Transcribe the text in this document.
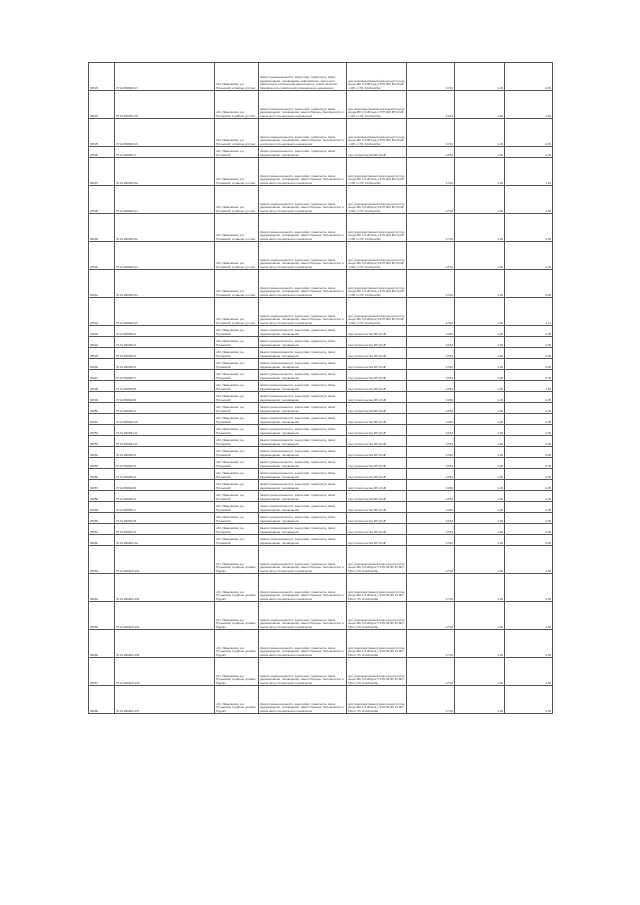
06033	37:10:060603:17	обл. Ивановская, р-н Пучежский, в районе д.Стоки	Земли промышленности, энергетики, транспорта, связи, радиовещания, телевидения, информатики, земли для обеспечения космической деятельности, земли обороны, безопасности и земли иного специального назначения	для производственной деятельности (под опоры ВЛ 0,4 кВ фид.4 КТП-303 ВЛ 10 кВ ч 130 от ПС Хлебороба)	0,704	1,00	0,65
06034	37:10:060603:18	обл. Ивановская, р-н Пучежский, в районе д.Стоки	Земли промышленности, энергетики, транспорта, связи, радиовещания, телевидения, земли обороны, безопасности и земли иного специального назначения	для производственной деятельности (под опоры ВЛ 0,4 кВ фид.1 КТП-303 ВЛ 10 кВ ч 130 от ПС Хлебороба)	2,064	1,00	1,90
06035	37:10:060603:19	обл. Ивановская, р-н Пучежский, в районе д.Стоки	Земли промышленности, энергетики, транспорта, связи, радиовещания, телевидения, земли обороны, безопасности и земли иного специального назначения	для производственной деятельности (под опоры ВЛ 0,4 кВ фид.4 КТП-303 ВЛ 10 кВ ч 130 от ПС Хлебороба)	0,704	1,00	0,65
06036	37:10:060603:7	обл. Ивановская, р-н Пучежский	Земли промышленности, энергетики, транспорта, связи, радиовещания, телевидения	под строительство ВЛ 10 кВ	0,054	1,00	0,05
06037	37:10:060603:20	обл. Ивановская, р-н Пучежский, в районе д.Стоки	Земли промышленности, энергетики, транспорта, связи, радиовещания, телевидения, земли обороны, безопасности и земли иного специального назначения	для производственной деятельности (под опоры ВЛ 0,4 кВ фид.1 КТП-303 ВЛ 10 кВ ч 130 от ПС Хлебороба)	2,104	1,00	1,93
06038	37:10:060603:21	обл. Ивановская, р-н Пучежский, в районе д.Стоки	Земли промышленности, энергетики, транспорта, связи, радиовещания, телевидения, земли обороны, безопасности и земли иного специального назначения	для производственной деятельности (под опоры ВЛ 0,4 кВ фид.4 КТП-303 ВЛ 10 кВ ч 130 от ПС Хлебороба)	0,704	1,00	0,65
06039	37:10:060603:22	обл. Ивановская, р-н Пучежский, в районе д.Стоки	Земли промышленности, энергетики, транспорта, связи, радиовещания, телевидения, земли обороны, безопасности и земли иного специального назначения	для производственной деятельности (под опоры ВЛ 0,4 кВ фид.1 КТП-303 ВЛ 10 кВ ч 130 от ПС Хлебороба)	0,704	1,00	0,65
06040	37:10:060603:23	обл. Ивановская, р-н Пучежский, в районе д.Стоки	Земли промышленности, энергетики, транспорта, связи, радиовещания, телевидения, земли обороны, безопасности и земли иного специального назначения	для производственной деятельности (под опоры ВЛ 0,4 кВ фид.4 КТП-303 ВЛ 10 кВ ч 130 от ПС Хлебороба)	0,104	1,00	0,05
06041	37:10:060603:24	обл. Ивановская, р-н Пучежский, в районе д.Стоки	Земли промышленности, энергетики, транспорта, связи, радиовещания, телевидения, земли обороны, безопасности и земли иного специального назначения	для производственной деятельности (под опоры ВЛ 0,4 кВ фид.1 КТП-303 ВЛ 10 кВ ч 130 от ПС Хлебороба)	0,104	1,00	0,05
06042	37:10:060603:25	обл. Ивановская, р-н Пучежский, в районе д.Стоки	Земли промышленности, энергетики, транспорта, связи, радиовещания, телевидения, земли обороны, безопасности и земли иного специального назначения	для производственной деятельности (под опоры ВЛ 0,4 кВ фид.4 КТП-303 ВЛ 10 кВ ч 130 от ПС Хлебороба)	2,304	1,00	2,11
06043	37:10:060603:3	обл. Ивановская, р-н Пучежский	Земли промышленности, энергетики, транспорта, связи, радиовещания, телевидения	под строительство ВЛ 10 кВ	0,054	1,00	0,05
06044	37:10:060603:4	обл. Ивановская, р-н Пучежский	Земли промышленности, энергетики, транспорта, связи, радиовещания, телевидения	под строительство ВЛ 10 кВ	0,054	1,00	0,05
06045	37:10:060603:5	обл. Ивановская, р-н Пучежский	Земли промышленности, энергетики, транспорта, связи, радиовещания, телевидения	под строительство ВЛ 10 кВ	0,054	1,00	0,05
06046	37:10:060603:6	обл. Ивановская, р-н Пучежский	Земли промышленности, энергетики, транспорта, связи, радиовещания, телевидения	под строительство ВЛ 10 кВ	0,054	1,00	0,05
06047	37:10:060603:7	обл. Ивановская, р-н Пучежский	Земли промышленности, энергетики, транспорта, связи, радиовещания, телевидения	под строительство ВЛ 10 кВ	0,054	1,00	0,05
06048	37:10:060603:8	обл. Ивановская, р-н Пучежский	Земли промышленности, энергетики, транспорта, связи, радиовещания, телевидения	под строительство ВЛ 10 кВ	0,054	1,00	1,25
06049	37:10:060604:5	обл. Ивановская, р-н Пучежский	Земли промышленности, энергетики, транспорта, связи, радиовещания, телевидения	под строительство ВЛ 10 кВ	0,054	1,00	0,05
06050	37:10:060604:1	обл. Ивановская, р-н Пучежский	Земли промышленности, энергетики, транспорта, связи, радиовещания, телевидения	под строительство ВЛ 10 кВ	0,054	1,00	0,05
06051	37:10:060604:10	обл. Ивановская, р-н Пучежский	Земли промышленности, энергетики, транспорта, связи, радиовещания, телевидения	под строительство ВЛ 10 кВ	0,054	1,00	0,05
06052	37:10:060604:11	обл. Ивановская, р-н Пучежский	Земли промышленности, энергетики, транспорта, связи, радиовещания, телевидения	под строительство ВЛ 10 кВ	0,054	1,00	0,05
06053	37:10:060604:12	обл. Ивановская, р-н Пучежский	Земли промышленности, энергетики, транспорта, связи, радиовещания, телевидения	под строительство ВЛ 10 кВ	0,054	1,00	0,05
06054	37:10:060604:2	обл. Ивановская, р-н Пучежский	Земли промышленности, энергетики, транспорта, связи, радиовещания, телевидения	под строительство ВЛ 10 кВ	0,054	1,00	0,05
06055	37:10:060604:3	обл. Ивановская, р-н Пучежский	Земли промышленности, энергетики, транспорта, связи, радиовещания, телевидения	под строительство ВЛ 10 кВ	0,054	1,00	0,05
06056	37:10:060604:4	обл. Ивановская, р-н Пучежский	Земли промышленности, энергетики, транспорта, связи, радиовещания, телевидения	под строительство ВЛ 10 кВ	0,054	1,00	0,05
06057	37:10:060604:5	обл. Ивановская, р-н Пучежский	Земли промышленности, энергетики, транспорта, связи, радиовещания, телевидения	под строительство ВЛ 10 кВ	0,054	1,00	0,05
06058	37:10:060604:6	обл. Ивановская, р-н Пучежский	Земли промышленности, энергетики, транспорта, связи, радиовещания, телевидения	под строительство ВЛ 10 кВ	0,054	1,00	0,05
06059	37:10:060604:7	обл. Ивановская, р-н Пучежский	Земли промышленности, энергетики, транспорта, связи, радиовещания, телевидения	под строительство ВЛ 10 кВ	0,054	1,00	0,05
06060	37:10:060604:8	обл. Ивановская, р-н Пучежский	Земли промышленности, энергетики, транспорта, связи, радиовещания, телевидения	под строительство ВЛ 10 кВ	0,054	1,00	0,05
06061	37:10:060604:9	обл. Ивановская, р-н Пучежский	Земли промышленности, энергетики, транспорта, связи, радиовещания, телевидения	под строительство ВЛ 10 кВ	0,054	1,00	0,05
06062	37:10:060605:10	обл. Ивановская, р-н Пучежский	Земли промышленности, энергетики, транспорта, связи, радиовещания, телевидения	под строительство ВЛ 10 кВ	0,054	1,00	0,05
06063	37:10:060605:102	обл. Ивановская, р-н Пучежский, в районе д.Новое Пудово	Земли промышленности, энергетики, транспорта, связи, радиовещания, телевидения, земли обороны, безопасности и земли иного специального назначения	для производственной деятельности (под опоры ВЛ 0,4 кВ фид.1 КТП-46 ВЛ 10 кВ ч 130 от ПС Хлебороба)	0,704	1,00	0,65
06064	37:10:060605:103	обл. Ивановская, р-н Пучежский, в районе д.Новое Пудово	Земли промышленности, энергетики, транспорта, связи, радиовещания, телевидения, земли обороны, безопасности и земли иного специального назначения	для производственной деятельности (под опоры ВЛ 0,4 кВ фид.1 КТП-46 ВЛ 10 кВ ч 130 от ПС Хлебороба)	0,704	1,00	0,65
06065	37:10:060605:104	обл. Ивановская, р-н Пучежский, в районе д.Новое Пудово	Земли промышленности, энергетики, транспорта, связи, радиовещания, телевидения, земли обороны, безопасности и земли иного специального назначения	для производственной деятельности (под опоры ВЛ 0,4 кВ фид.1 КТП-46 ВЛ 10 кВ ч 130 от ПС Хлебороба)	0,704	1,00	0,65
06066	37:10:060605:105	обл. Ивановская, р-н Пучежский, в районе д.Новое Пудово	Земли промышленности, энергетики, транспорта, связи, радиовещания, телевидения, земли обороны, безопасности и земли иного специального назначения	для производственной деятельности (под опоры ВЛ 0,4 кВ фид.1 КТП-46 ВЛ 10 кВ ч 130 от ПС Хлебороба)	0,704	1,00	0,65
06067	37:10:060605:106	обл. Ивановская, р-н Пучежский, в районе д.Новое Пудово	Земли промышленности, энергетики, транспорта, связи, радиовещания, телевидения, земли обороны, безопасности и земли иного специального назначения	для производственной деятельности (под опоры ВЛ 0,4 кВ фид.1 КТП-46 ВЛ 10 кВ ч 130 от ПС Хлебороба)	0,704	1,00	0,65
06068	37:10:060605:107	обл. Ивановская, р-н Пучежский, в районе д.Новое Пудово	Земли промышленности, энергетики, транспорта, связи, радиовещания, телевидения, земли обороны, безопасности и земли иного специального назначения	для производственной деятельности (под опоры ВЛ 0,4 кВ фид.1 КТП-46 ВЛ 10 кВ ч 130 от ПС Хлебороба)	0,704	1,00	0,65
